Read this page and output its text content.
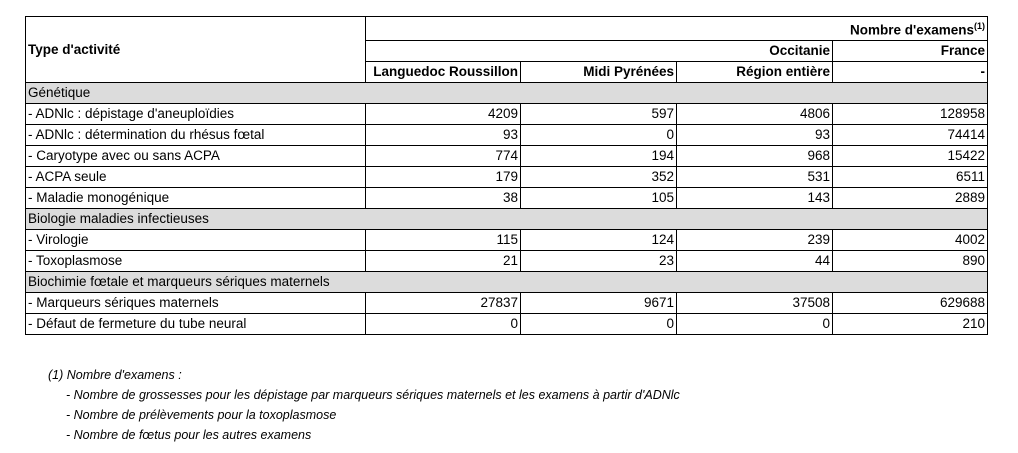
Type d'activité	Nombre d'examens$^{(1)}$
	Occitanie			France
	Languedoc Roussillon	Midi Pyrénées	Région entière	-

Génétique				
- ADNlc : dépistage d'aneuploïdies	4209	597	4806	128958
- ADNlc : détermination du rhésus fœtal	93	0	93	74414
- Caryotype avec ou sans ACPA	774	194	968	15422
- ACPA seule	179	352	531	6511
- Maladie monogénique	38	105	143	2889
Biologie maladies infectieuses				
- Virologie	115	124	239	4002
- Toxoplasmose	21	23	44	890
Biochimie fœtale et marqueurs sériques maternels				
- Marqueurs sériques maternels	27837	9671	37508	629688
- Défaut de fermeture du tube neural	0	0	0	210
(1) Nombre d'examens :
- Nombre de grossesses pour les dépistage par marqueurs sériques maternels et les examens à partir d'ADNlc
- Nombre de prélèvements pour la toxoplasmose
- Nombre de fœtus pour les autres examens
